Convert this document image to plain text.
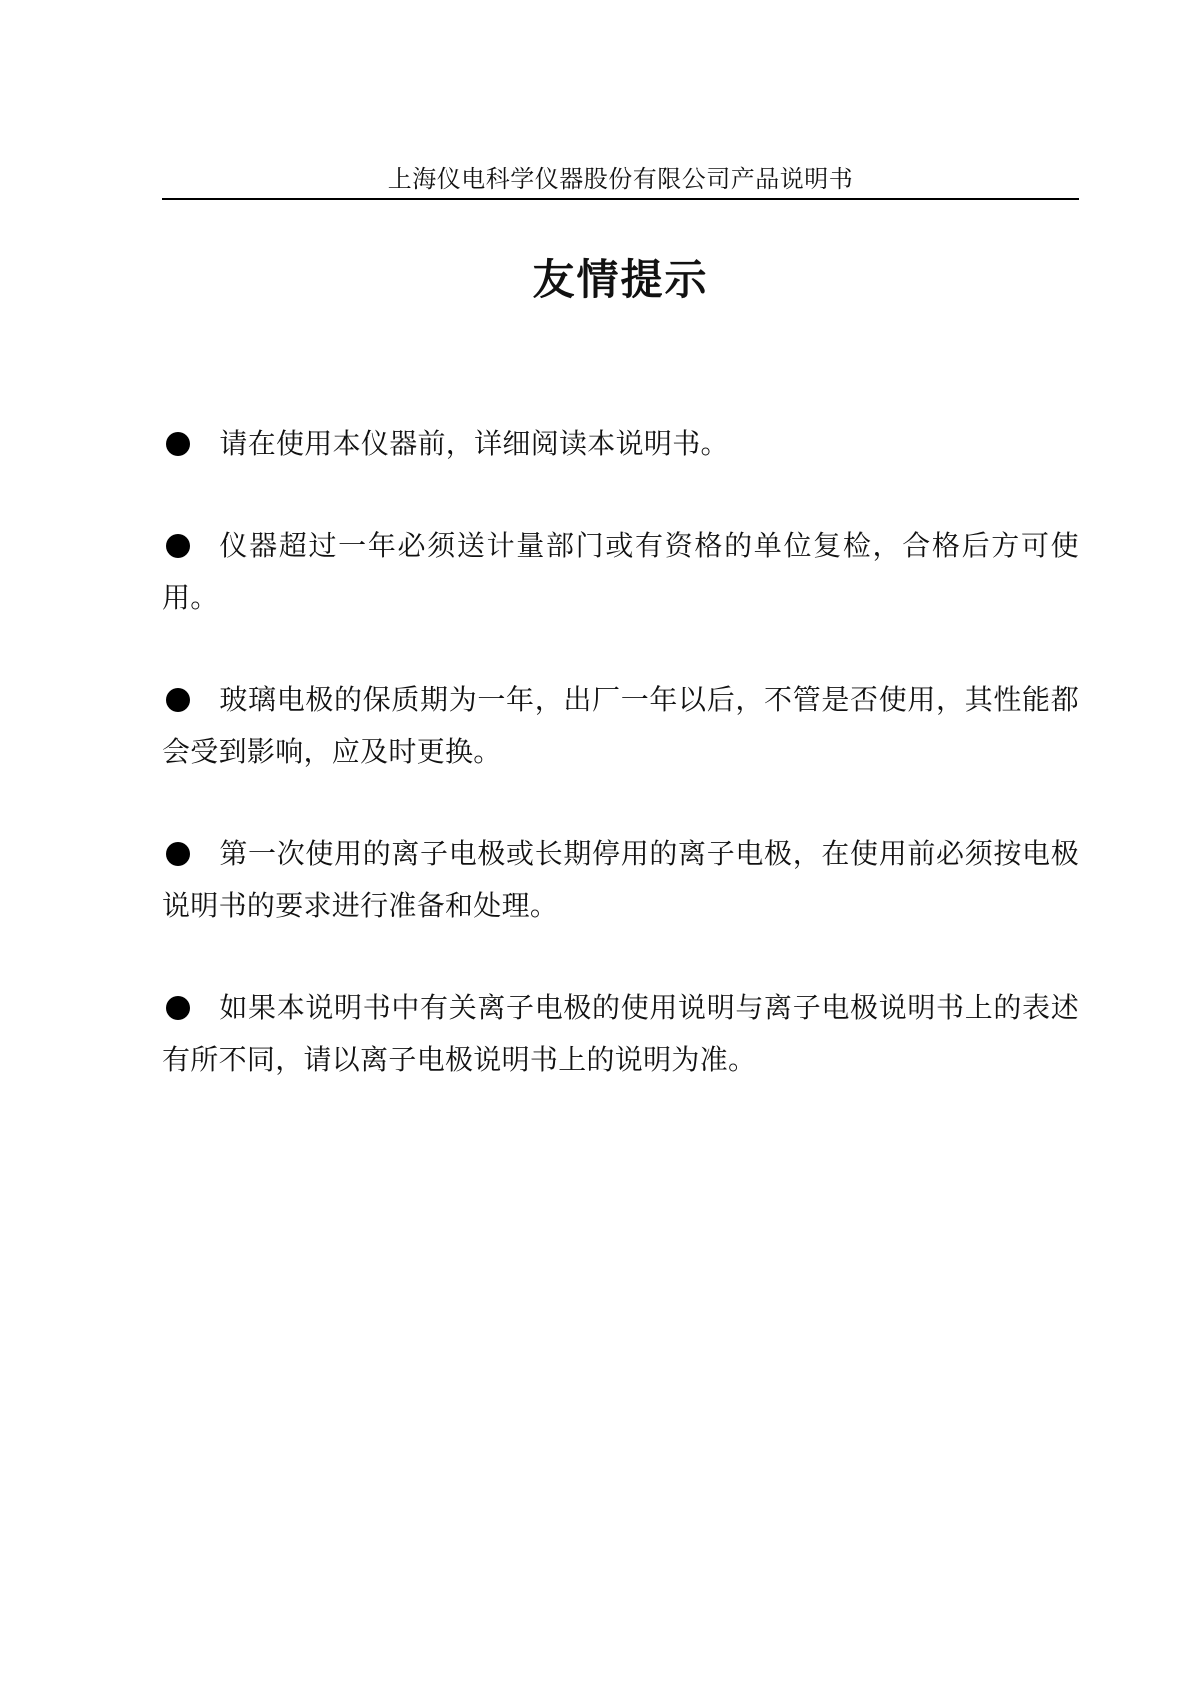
上海仪电科学仪器股份有限公司产品说明书
友情提示
请在使用本仪器前，详细阅读本说明书。
仪器超过一年必须送计量部门或有资格的单位复检，合格后方可使用。
玻璃电极的保质期为一年，出厂一年以后，不管是否使用，其性能都会受到影响，应及时更换。
第一次使用的离子电极或长期停用的离子电极，在使用前必须按电极说明书的要求进行准备和处理。
如果本说明书中有关离子电极的使用说明与离子电极说明书上的表述有所不同，请以离子电极说明书上的说明为准。
